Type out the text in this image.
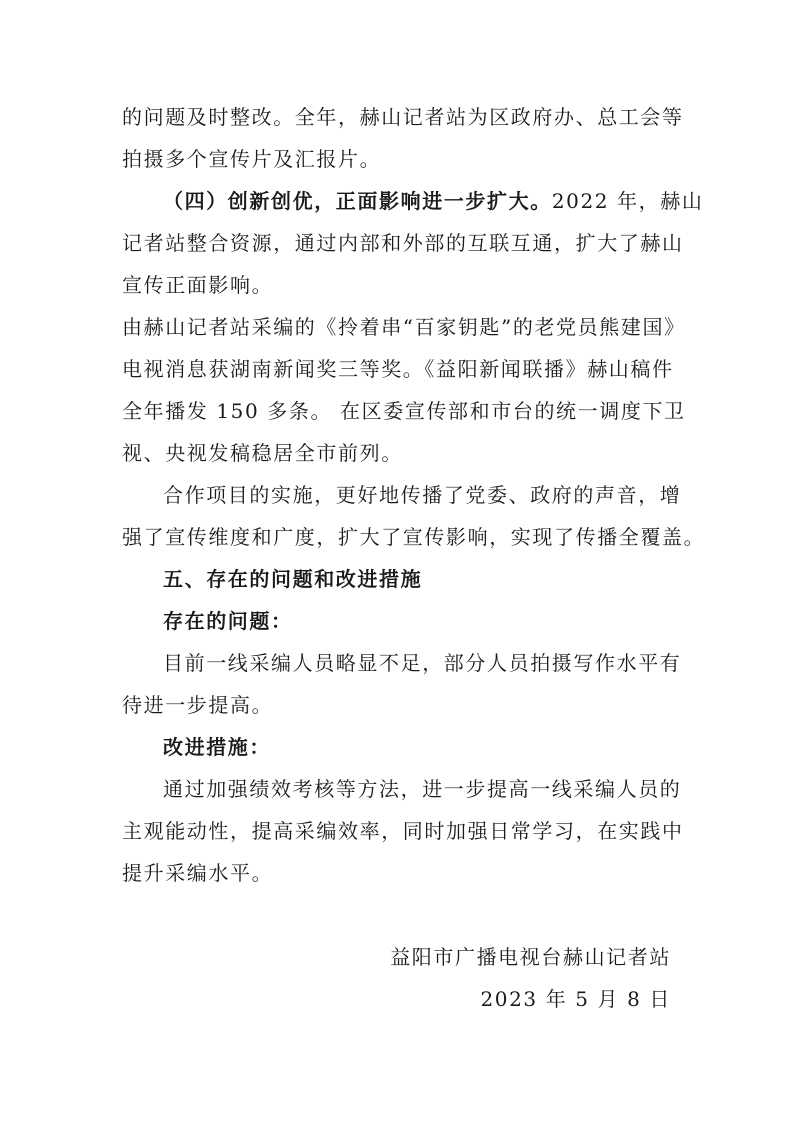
的问题及时整改。全年，赫山记者站为区政府办、总工会等
拍摄多个宣传片及汇报片。
（四）创新创优，正面影响进一步扩大。2022 年，赫山
记者站整合资源，通过内部和外部的互联互通，扩大了赫山
宣传正面影响。
由赫山记者站采编的《拎着串“百家钥匙”的老党员熊建国》
电视消息获湖南新闻奖三等奖。《益阳新闻联播》赫山稿件
全年播发 150 多条。 在区委宣传部和市台的统一调度下卫
视、央视发稿稳居全市前列。
合作项目的实施，更好地传播了党委、政府的声音，增
强了宣传维度和广度，扩大了宣传影响，实现了传播全覆盖。
五、存在的问题和改进措施
存在的问题：
目前一线采编人员略显不足，部分人员拍摄写作水平有
待进一步提高。
改进措施：
通过加强绩效考核等方法，进一步提高一线采编人员的
主观能动性，提高采编效率，同时加强日常学习，在实践中
提升采编水平。
益阳市广播电视台赫山记者站
2023 年 5 月 8 日
